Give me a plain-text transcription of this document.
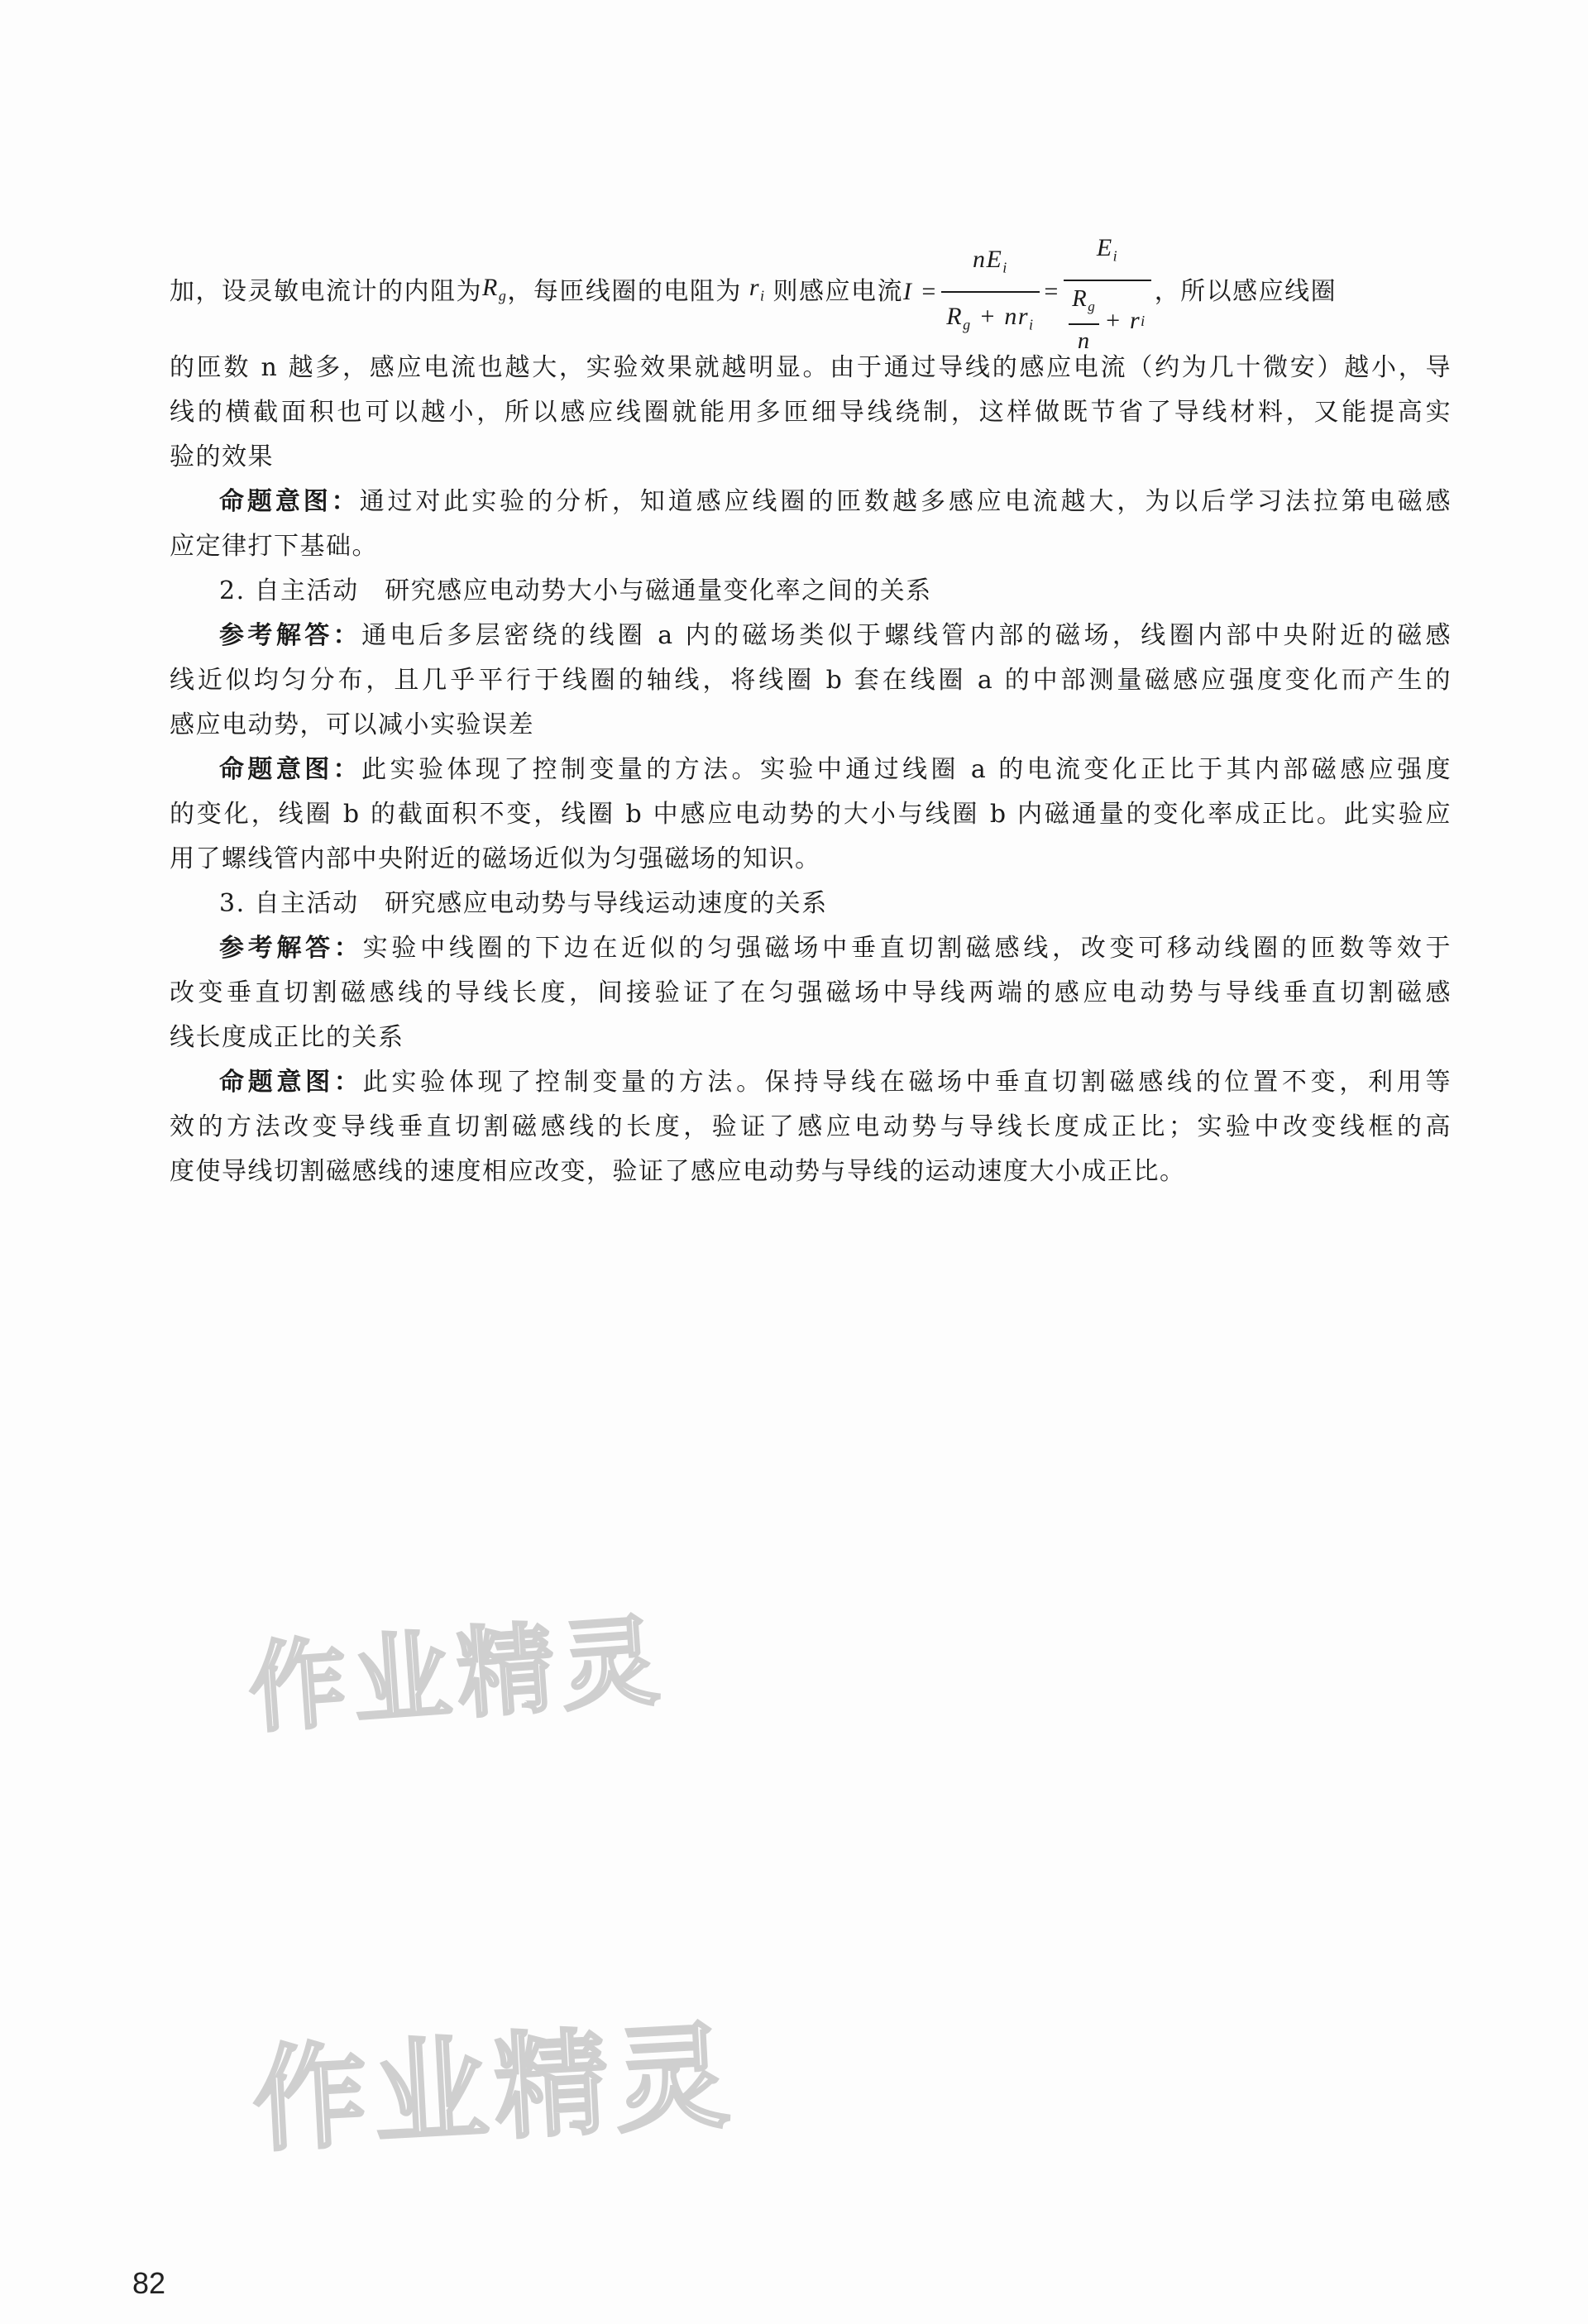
加，设灵敏电流计的内阻为 $R_g$ ，每匝线圈的电阻为 $r_i$ 则感应电流 $I = \frac{nE_i}{R_g + nr_i} = \frac{E_i}{\frac{R_g}{n} + r i}$ ，所以感应线圈

的匝数 n 越多，感应电流也越大，实验效果就越明显。由于通过导线的感应电流（约为几十微安）越小，导
线的横截面积也可以越小，所以感应线圈就能用多匝细导线绕制，这样做既节省了导线材料，又能提高实
验的效果

命题意图：通过对此实验的分析，知道感应线圈的匝数越多感应电流越大，为以后学习法拉第电磁感
应定律打下基础。

2. 自主活动　研究感应电动势大小与磁通量变化率之间的关系

参考解答：通电后多层密绕的线圈 a 内的磁场类似于螺线管内部的磁场，线圈内部中央附近的磁感
线近似均匀分布，且几乎平行于线圈的轴线，将线圈 b 套在线圈 a 的中部测量磁感应强度变化而产生的
感应电动势，可以减小实验误差

命题意图：此实验体现了控制变量的方法。实验中通过线圈 a 的电流变化正比于其内部磁感应强度
的变化，线圈 b 的截面积不变，线圈 b 中感应电动势的大小与线圈 b 内磁通量的变化率成正比。此实验应
用了螺线管内部中央附近的磁场近似为匀强磁场的知识。

3. 自主活动　研究感应电动势与导线运动速度的关系

参考解答：实验中线圈的下边在近似的匀强磁场中垂直切割磁感线，改变可移动线圈的匝数等效于
改变垂直切割磁感线的导线长度，间接验证了在匀强磁场中导线两端的感应电动势与导线垂直切割磁感
线长度成正比的关系

命题意图：此实验体现了控制变量的方法。保持导线在磁场中垂直切割磁感线的位置不变，利用等
效的方法改变导线垂直切割磁感线的长度，验证了感应电动势与导线长度成正比；实验中改变线框的高
度使导线切割磁感线的速度相应改变，验证了感应电动势与导线的运动速度大小成正比。

作业精灵
作业精灵
82
